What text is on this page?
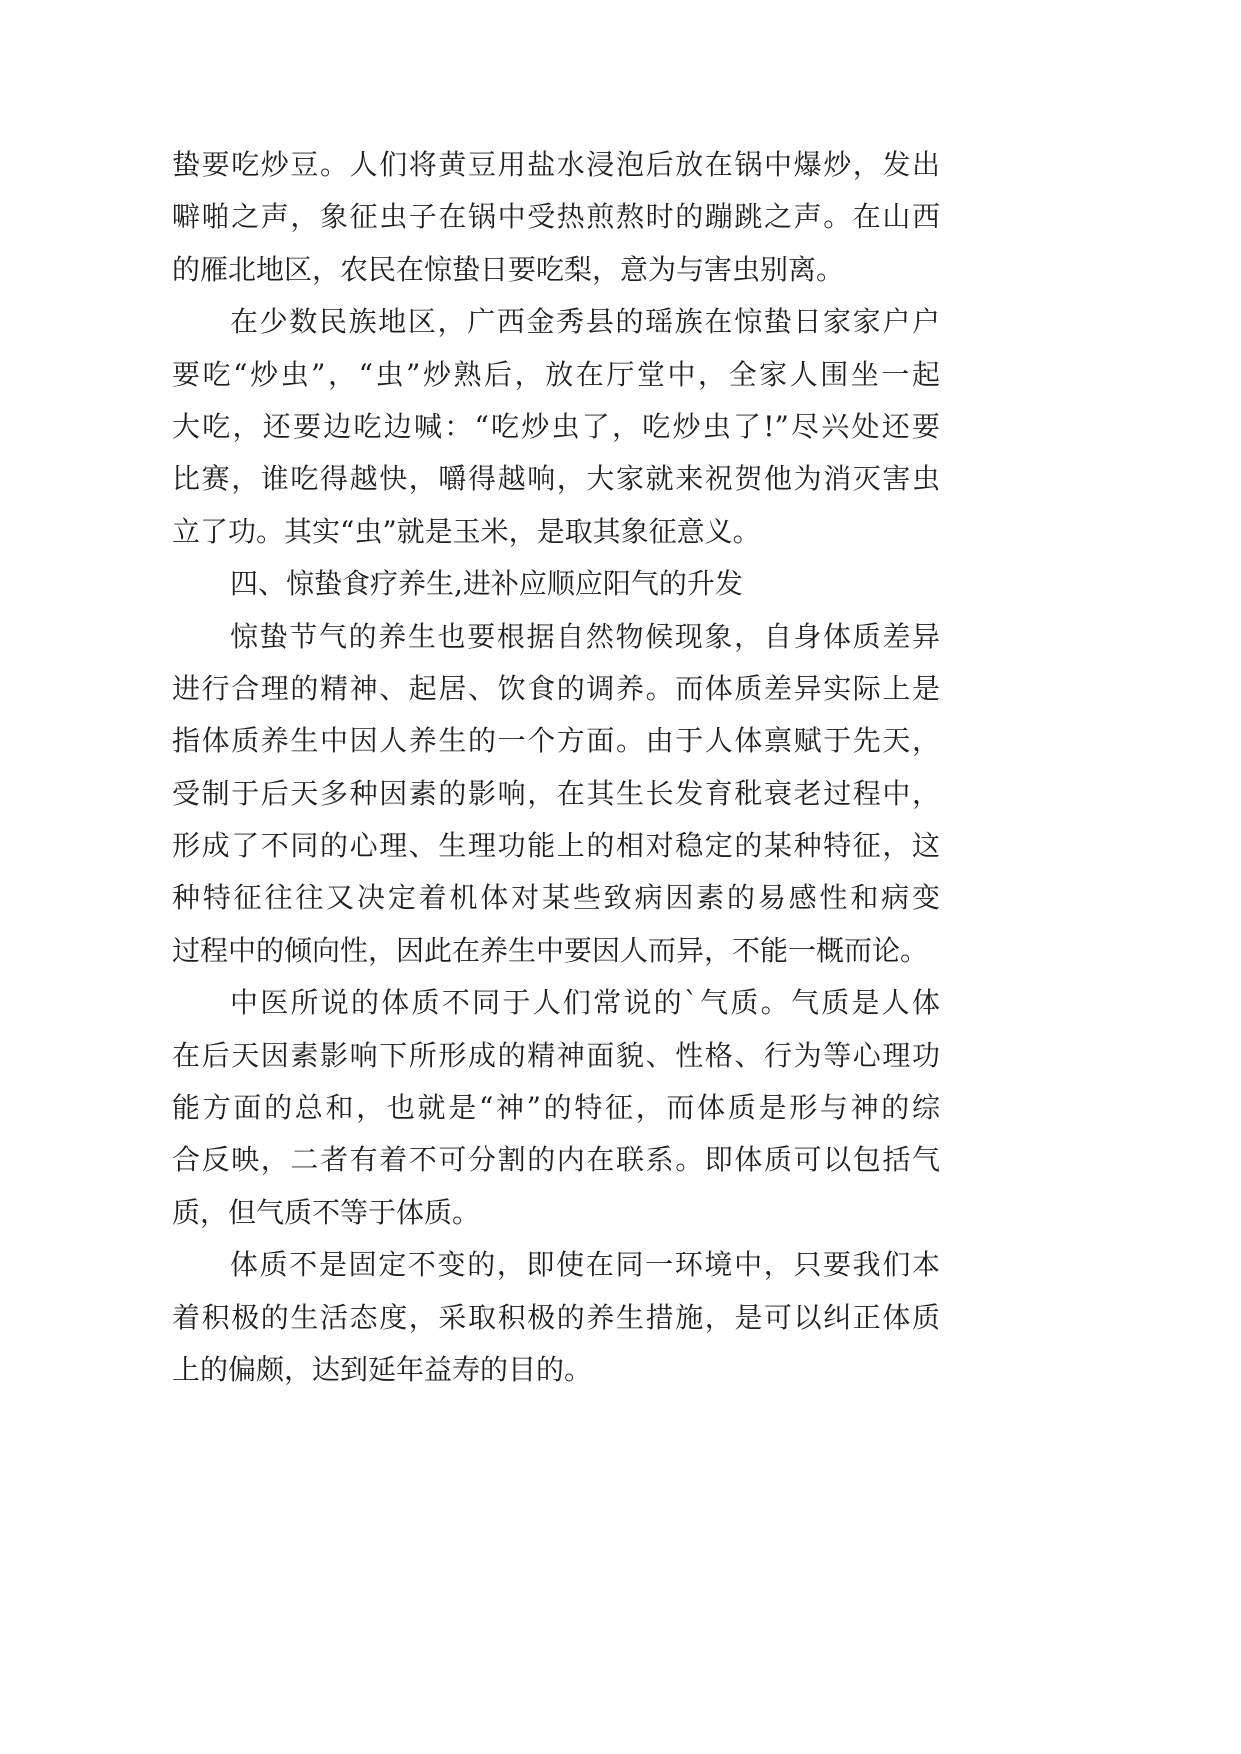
蛰要吃炒豆。人们将黄豆用盐水浸泡后放在锅中爆炒，发出
噼啪之声，象征虫子在锅中受热煎熬时的蹦跳之声。在山西
的雁北地区，农民在惊蛰日要吃梨，意为与害虫别离。
在少数民族地区，广西金秀县的瑶族在惊蛰日家家户户
要吃“炒虫”，“虫”炒熟后，放在厅堂中，全家人围坐一起
大吃，还要边吃边喊：“吃炒虫了，吃炒虫了!”尽兴处还要
比赛，谁吃得越快，嚼得越响，大家就来祝贺他为消灭害虫
立了功。其实“虫”就是玉米，是取其象征意义。
四、惊蛰食疗养生,进补应顺应阳气的升发
惊蛰节气的养生也要根据自然物候现象，自身体质差异
进行合理的精神、起居、饮食的调养。而体质差异实际上是
指体质养生中因人养生的一个方面。由于人体禀赋于先天，
受制于后天多种因素的影响，在其生长发育秕衰老过程中，
形成了不同的心理、生理功能上的相对稳定的某种特征，这
种特征往往又决定着机体对某些致病因素的易感性和病变
过程中的倾向性，因此在养生中要因人而异，不能一概而论。
中医所说的体质不同于人们常说的`气质。气质是人体
在后天因素影响下所形成的精神面貌、性格、行为等心理功
能方面的总和，也就是“神”的特征，而体质是形与神的综
合反映，二者有着不可分割的内在联系。即体质可以包括气
质，但气质不等于体质。
体质不是固定不变的，即使在同一环境中，只要我们本
着积极的生活态度，采取积极的养生措施，是可以纠正体质
上的偏颇，达到延年益寿的目的。
